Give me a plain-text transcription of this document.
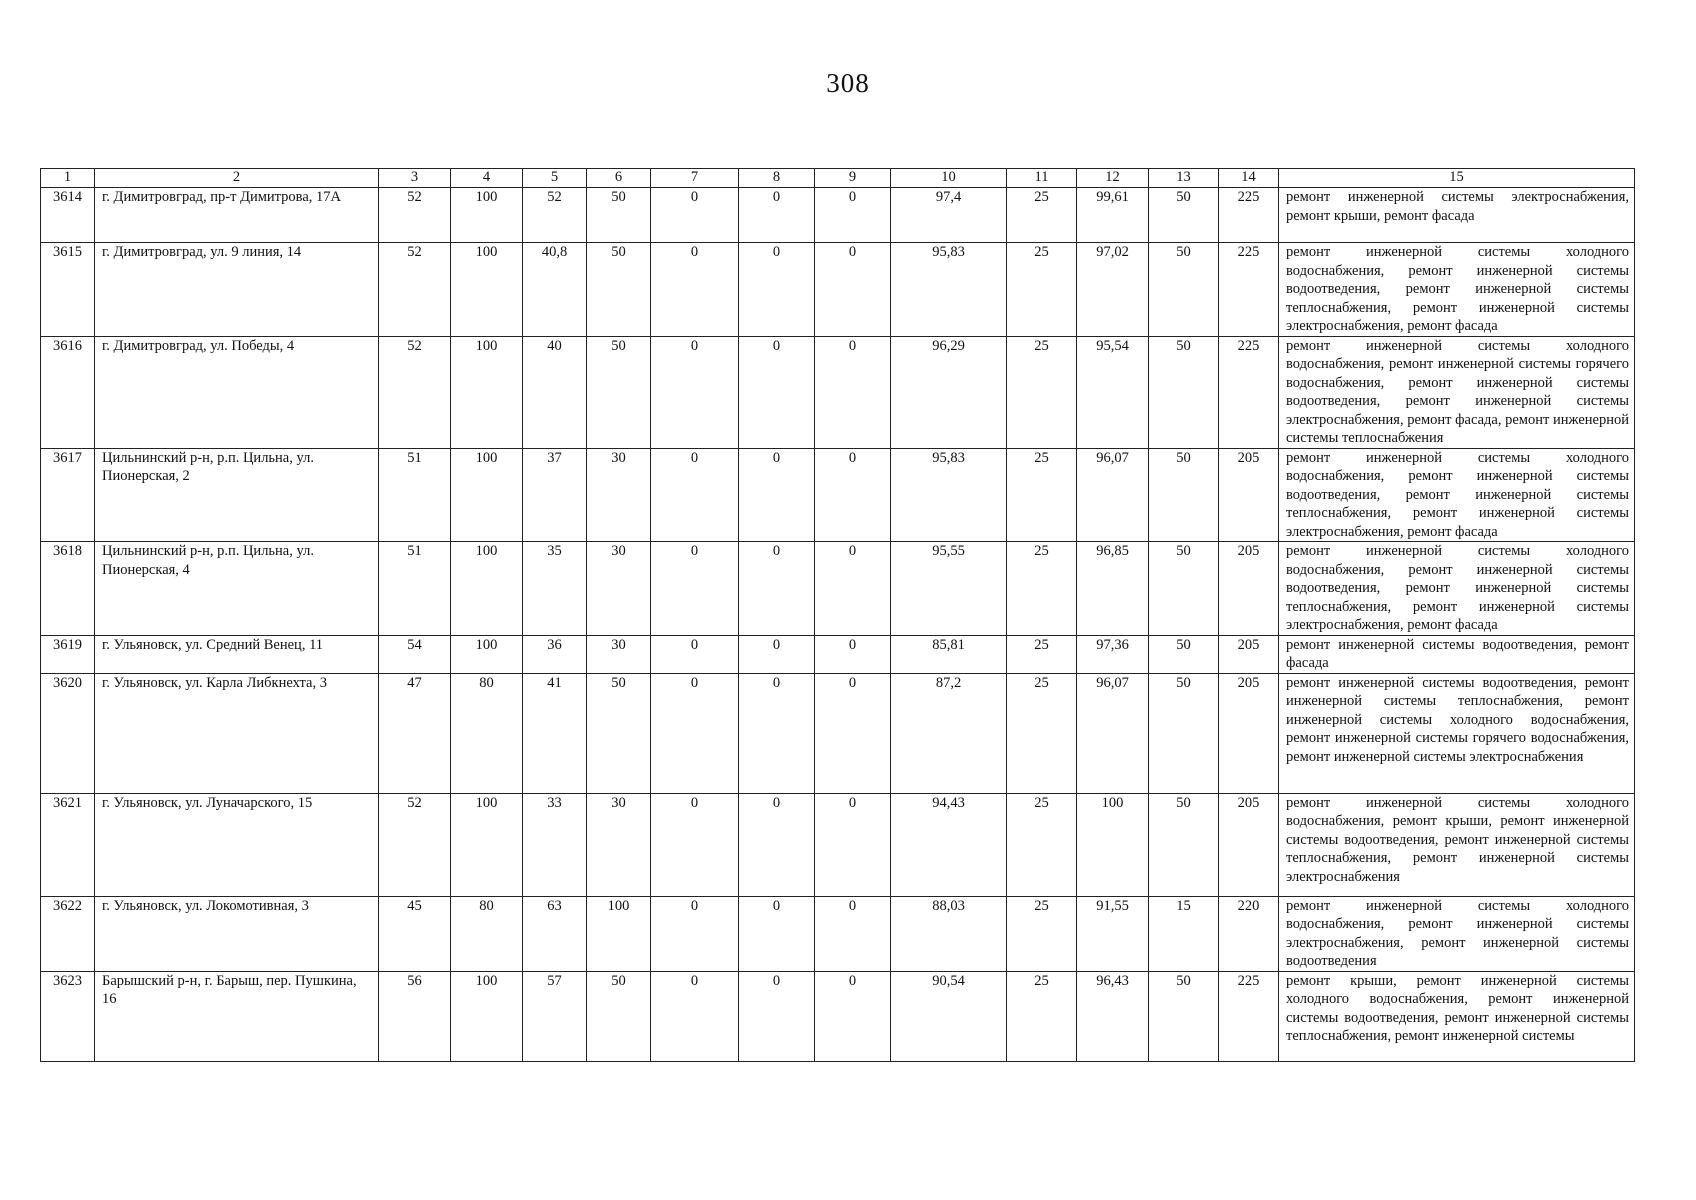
308
1	2	3	4	5	6	7	8	9	10	11	12	13	14	15
3614	г. Димитровград, пр-т Димитрова, 17А	52	100	52	50	0	0	0	97,4	25	99,61	50	225	ремонт инженерной системы электроснабжения, ремонт крыши, ремонт фасада
3615	г. Димитровград, ул. 9 линия, 14	52	100	40,8	50	0	0	0	95,83	25	97,02	50	225	ремонт инженерной системы холодного водоснабжения, ремонт инженерной системы водоотведения, ремонт инженерной системы теплоснабжения, ремонт инженерной системы электроснабжения, ремонт фасада
3616	г. Димитровград, ул. Победы, 4	52	100	40	50	0	0	0	96,29	25	95,54	50	225	ремонт инженерной системы холодного водоснабжения, ремонт инженерной системы горячего водоснабжения, ремонт инженерной системы водоотведения, ремонт инженерной системы электроснабжения, ремонт фасада, ремонт инженерной системы теплоснабжения
3617	Цильнинский р-н, р.п. Цильна, ул. Пионерская, 2	51	100	37	30	0	0	0	95,83	25	96,07	50	205	ремонт инженерной системы холодного водоснабжения, ремонт инженерной системы водоотведения, ремонт инженерной системы теплоснабжения, ремонт инженерной системы электроснабжения, ремонт фасада
3618	Цильнинский р-н, р.п. Цильна, ул. Пионерская, 4	51	100	35	30	0	0	0	95,55	25	96,85	50	205	ремонт инженерной системы холодного водоснабжения, ремонт инженерной системы водоотведения, ремонт инженерной системы теплоснабжения, ремонт инженерной системы электроснабжения, ремонт фасада
3619	г. Ульяновск, ул. Средний Венец, 11	54	100	36	30	0	0	0	85,81	25	97,36	50	205	ремонт инженерной системы водоотведения, ремонт фасада
3620	г. Ульяновск, ул. Карла Либкнехта, 3	47	80	41	50	0	0	0	87,2	25	96,07	50	205	ремонт инженерной системы водоотведения, ремонт инженерной системы теплоснабжения, ремонт инженерной системы холодного водоснабжения, ремонт инженерной системы горячего водоснабжения, ремонт инженерной системы электроснабжения
3621	г. Ульяновск, ул. Луначарского, 15	52	100	33	30	0	0	0	94,43	25	100	50	205	ремонт инженерной системы холодного водоснабжения, ремонт крыши, ремонт инженерной системы водоотведения, ремонт инженерной системы теплоснабжения, ремонт инженерной системы электроснабжения
3622	г. Ульяновск, ул. Локомотивная, 3	45	80	63	100	0	0	0	88,03	25	91,55	15	220	ремонт инженерной системы холодного водоснабжения, ремонт инженерной системы электроснабжения, ремонт инженерной системы водоотведения
3623	Барышский р-н, г. Барыш, пер. Пушкина, 16	56	100	57	50	0	0	0	90,54	25	96,43	50	225	ремонт крыши, ремонт инженерной системы холодного водоснабжения, ремонт инженерной системы водоотведения, ремонт инженерной системы теплоснабжения, ремонт инженерной системы
